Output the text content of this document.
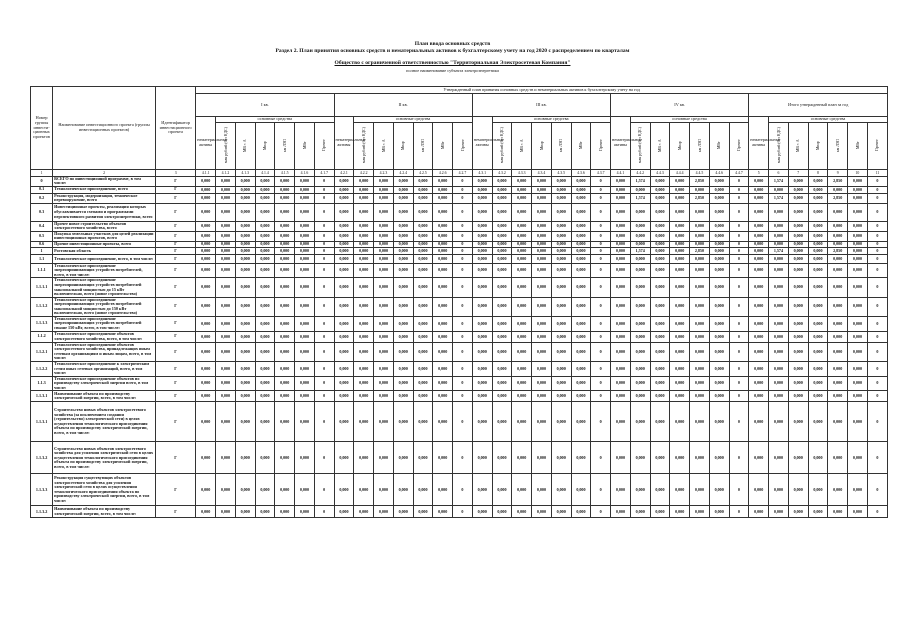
План ввода основных средств
Раздел 2. План принятия основных средств и нематериальных активов к бухгалтерскому учету на год 2020 с распределением по кварталам
Общество с ограниченной ответственностью "Территориальная Электросетевая Компания"
полное наименование субъекта электроэнергетики
Номер группы инвести-ционных проектов	Наименование инвестиционного проекта (группы инвестиционных проектов)	Идентификатор инвестиционного проекта	Утвержденный план принятия основных средств и нематериальных активов к бухгалтерскому учету на год																																		
			I кв.							II кв.							III кв.							IV кв.							Итого утвержденный план за год						
			нематериальные активы	основные средства						нематериальные активы	основные средства						нематериальные активы	основные средства						нематериальные активы	основные средства						нематериальные активы	основные средства					
				млн рублей (без НДС)	МВ×А	Мвар	км ЛЭП	МВт	Прочее		млн рублей (без НДС)	МВ×А	Мвар	км ЛЭП	МВт	Прочее		млн рублей (без НДС)	МВ×А	Мвар	км ЛЭП	МВт	Прочее		млн рублей (без НДС)	МВ×А	Мвар	км ЛЭП	МВт	Прочее		млн рублей (без НДС)	МВ×А	Мвар	км ЛЭП	МВт	Прочее
1	2	3	4.1.1	4.1.2	4.1.3	4.1.4	4.1.5	4.1.6	4.1.7	4.2.1	4.2.2	4.2.3	4.2.4	4.2.5	4.2.6	4.2.7	4.3.1	4.3.2	4.3.3	4.3.4	4.3.5	4.3.6	4.3.7	4.4.1	4.4.2	4.4.3	4.4.4	4.4.5	4.4.6	4.4.7	5	6	7	8	9	10	11
0	ВСЕГО по инвестиционной программе, в том числе:	Г	0,000	0,000	0,000	0,000	0,000	0,000	0	0,000	0,000	0,000	0,000	0,000	0,000	0	0,000	0,000	0,000	0,000	0,000	0,000	0	0,000	1,574	0,000	0,000	2,850	0,000	0	0,000	1,574	0,000	0,000	2,850	0,000	0
0.1	Технологическое присоединение, всего	Г	0,000	0,000	0,000	0,000	0,000	0,000	0	0,000	0,000	0,000	0,000	0,000	0,000	0	0,000	0,000	0,000	0,000	0,000	0,000	0	0,000	0,000	0,000	0,000	0,000	0,000	0	0,000	0,000	0,000	0,000	0,000	0,000	0
0.2	Реконструкция, модернизация, техническое перевооружение, всего	Г	0,000	0,000	0,000	0,000	0,000	0,000	0	0,000	0,000	0,000	0,000	0,000	0,000	0	0,000	0,000	0,000	0,000	0,000	0,000	0	0,000	1,574	0,000	0,000	2,850	0,000	0	0,000	1,574	0,000	0,000	2,850	0,000	0
0.3	Инвестиционные проекты, реализация которых обуславливается схемами и программами перспективного развития электроэнергетики, всего	Г	0,000	0,000	0,000	0,000	0,000	0,000	0	0,000	0,000	0,000	0,000	0,000	0,000	0	0,000	0,000	0,000	0,000	0,000	0,000	0	0,000	0,000	0,000	0,000	0,000	0,000	0	0,000	0,000	0,000	0,000	0,000	0,000	0
0.4	Прочее новое строительство объектов электросетевого хозяйства, всего	Г	0,000	0,000	0,000	0,000	0,000	0,000	0	0,000	0,000	0,000	0,000	0,000	0,000	0	0,000	0,000	0,000	0,000	0,000	0,000	0	0,000	0,000	0,000	0,000	0,000	0,000	0	0,000	0,000	0,000	0,000	0,000	0,000	0
0.5	Покупка земельных участков для целей реализации инвестиционных проектов, всего	Г	0,000	0,000	0,000	0,000	0,000	0,000	0	0,000	0,000	0,000	0,000	0,000	0,000	0	0,000	0,000	0,000	0,000	0,000	0,000	0	0,000	0,000	0,000	0,000	0,000	0,000	0	0,000	0,000	0,000	0,000	0,000	0,000	0
0.6	Прочие инвестиционные проекты, всего	Г	0,000	0,000	0,000	0,000	0,000	0,000	0	0,000	0,000	0,000	0,000	0,000	0,000	0	0,000	0,000	0,000	0,000	0,000	0,000	0	0,000	0,000	0,000	0,000	0,000	0,000	0	0,000	0,000	0,000	0,000	0,000	0,000	0
1	Ростовская область	Г	0,000	0,000	0,000	0,000	0,000	0,000	0	0,000	0,000	0,000	0,000	0,000	0,000	0	0,000	0,000	0,000	0,000	0,000	0,000	0	0,000	1,574	0,000	0,000	2,850	0,000	0	0,000	1,574	0,000	0,000	2,850	0,000	0
1.1	Технологическое присоединение, всего, в том числе:	Г	0,000	0,000	0,000	0,000	0,000	0,000	0	0,000	0,000	0,000	0,000	0,000	0,000	0	0,000	0,000	0,000	0,000	0,000	0,000	0	0,000	0,000	0,000	0,000	0,000	0,000	0	0,000	0,000	0,000	0,000	0,000	0,000	0
1.1.1	Технологическое присоединение энергопринимающих устройств потребителей, всего, в том числе:	Г	0,000	0,000	0,000	0,000	0,000	0,000	0	0,000	0,000	0,000	0,000	0,000	0,000	0	0,000	0,000	0,000	0,000	0,000	0,000	0	0,000	0,000	0,000	0,000	0,000	0,000	0	0,000	0,000	0,000	0,000	0,000	0,000	0
1.1.1.1	Технологическое присоединение энергопринимающих устройств потребителей максимальной мощностью до 15 кВт включительно, всего (новое строительство)	Г	0,000	0,000	0,000	0,000	0,000	0,000	0	0,000	0,000	0,000	0,000	0,000	0,000	0	0,000	0,000	0,000	0,000	0,000	0,000	0	0,000	0,000	0,000	0,000	0,000	0,000	0	0,000	0,000	0,000	0,000	0,000	0,000	0
1.1.1.2	Технологическое присоединение энергопринимающих устройств потребителей максимальной мощностью до 150 кВт включительно, всего (новое строительство)	Г	0,000	0,000	0,000	0,000	0,000	0,000	0	0,000	0,000	0,000	0,000	0,000	0,000	0	0,000	0,000	0,000	0,000	0,000	0,000	0	0,000	0,000	0,000	0,000	0,000	0,000	0	0,000	0,000	0,000	0,000	0,000	0,000	0
1.1.1.3	Технологическое присоединение энергопринимающих устройств потребителей свыше 150 кВт, всего, в том числе:	Г	0,000	0,000	0,000	0,000	0,000	0,000	0	0,000	0,000	0,000	0,000	0,000	0,000	0	0,000	0,000	0,000	0,000	0,000	0,000	0	0,000	0,000	0,000	0,000	0,000	0,000	0	0,000	0,000	0,000	0,000	0,000	0,000	0
1.1.2	Технологическое присоединение объектов электросетевого хозяйства, всего, в том числе:	Г	0,000	0,000	0,000	0,000	0,000	0,000	0	0,000	0,000	0,000	0,000	0,000	0,000	0	0,000	0,000	0,000	0,000	0,000	0,000	0	0,000	0,000	0,000	0,000	0,000	0,000	0	0,000	0,000	0,000	0,000	0,000	0,000	0
1.1.2.1	Технологическое присоединение объектов электросетевого хозяйства, принадлежащих иным сетевым организациям и иным лицам, всего, в том числе:	Г	0,000	0,000	0,000	0,000	0,000	0,000	0	0,000	0,000	0,000	0,000	0,000	0,000	0	0,000	0,000	0,000	0,000	0,000	0,000	0	0,000	0,000	0,000	0,000	0,000	0,000	0	0,000	0,000	0,000	0,000	0,000	0,000	0
1.1.2.2	Технологическое присоединение к электрическим сетям иных сетевых организаций, всего, в том числе:	Г	0,000	0,000	0,000	0,000	0,000	0,000	0	0,000	0,000	0,000	0,000	0,000	0,000	0	0,000	0,000	0,000	0,000	0,000	0,000	0	0,000	0,000	0,000	0,000	0,000	0,000	0	0,000	0,000	0,000	0,000	0,000	0,000	0
1.1.3	Технологическое присоединение объектов по производству электрической энергии всего, в том числе:	Г	0,000	0,000	0,000	0,000	0,000	0,000	0	0,000	0,000	0,000	0,000	0,000	0,000	0	0,000	0,000	0,000	0,000	0,000	0,000	0	0,000	0,000	0,000	0,000	0,000	0,000	0	0,000	0,000	0,000	0,000	0,000	0,000	0
1.1.3.1	Наименование объекта по производству электрической энергии, всего, в том числе:	Г	0,000	0,000	0,000	0,000	0,000	0,000	0	0,000	0,000	0,000	0,000	0,000	0,000	0	0,000	0,000	0,000	0,000	0,000	0,000	0	0,000	0,000	0,000	0,000	0,000	0,000	0	0,000	0,000	0,000	0,000	0,000	0,000	0
1.1.3.1	Строительство новых объектов электросетевого хозяйства (за исключением создания (строительство) электрической сети) в целях осуществления технологического присоединения объекта по производству электрической энергии, всего, в том числе:	Г	0,000	0,000	0,000	0,000	0,000	0,000	0	0,000	0,000	0,000	0,000	0,000	0,000	0	0,000	0,000	0,000	0,000	0,000	0,000	0	0,000	0,000	0,000	0,000	0,000	0,000	0	0,000	0,000	0,000	0,000	0,000	0,000	0
1.1.3.2	Строительство новых объектов электросетевого хозяйства для усиления электрической сети в целях осуществления технологического присоединения объекта по производству электрической энергии, всего, в том числе:	Г	0,000	0,000	0,000	0,000	0,000	0,000	0	0,000	0,000	0,000	0,000	0,000	0,000	0	0,000	0,000	0,000	0,000	0,000	0,000	0	0,000	0,000	0,000	0,000	0,000	0,000	0	0,000	0,000	0,000	0,000	0,000	0,000	0
1.1.3.3	Реконструкция существующих объектов электросетевого хозяйства для усиления электрической сети в целях осуществления технологического присоединения объекта по производству электрической энергии, всего, в том числе:	Г	0,000	0,000	0,000	0,000	0,000	0,000	0	0,000	0,000	0,000	0,000	0,000	0,000	0	0,000	0,000	0,000	0,000	0,000	0,000	0	0,000	0,000	0,000	0,000	0,000	0,000	0	0,000	0,000	0,000	0,000	0,000	0,000	0
1.1.3.2	Наименование объекта по производству электрической энергии, всего, в том числе:	Г	0,000	0,000	0,000	0,000	0,000	0,000	0	0,000	0,000	0,000	0,000	0,000	0,000	0	0,000	0,000	0,000	0,000	0,000	0,000	0	0,000	0,000	0,000	0,000	0,000	0,000	0	0,000	0,000	0,000	0,000	0,000	0,000	0
